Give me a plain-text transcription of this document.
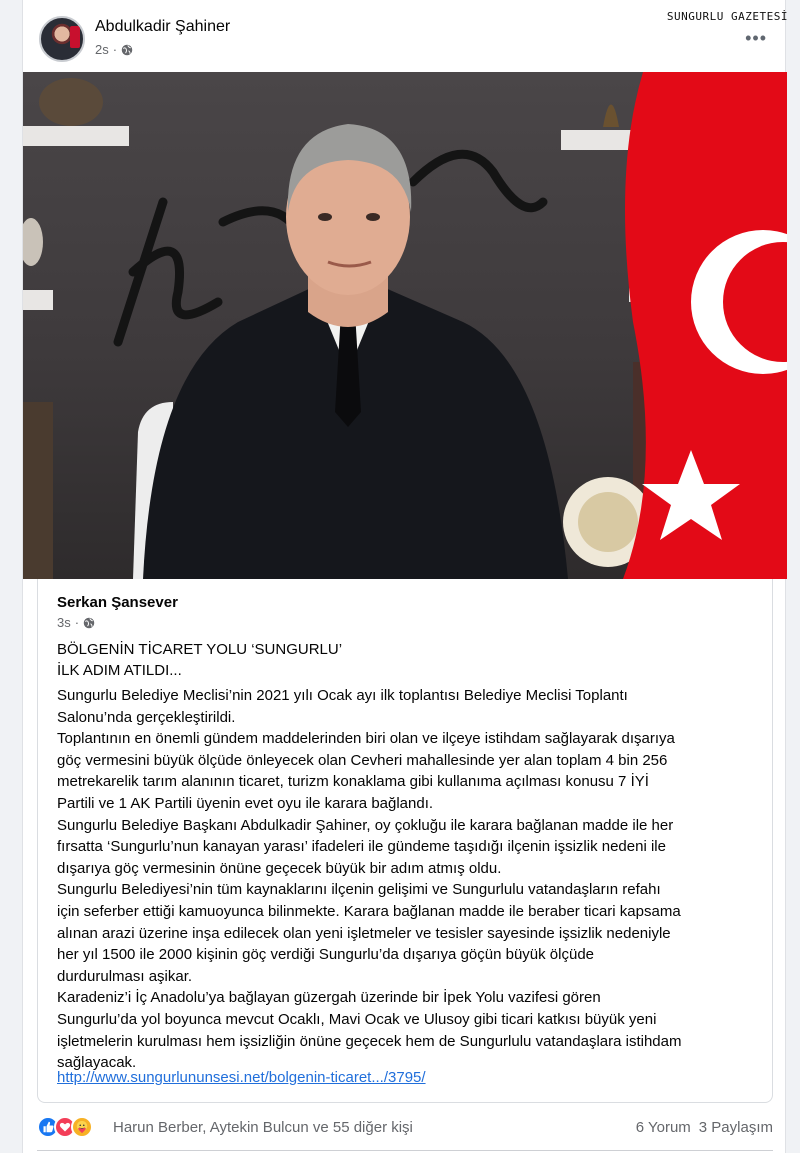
SUNGURLU GAZETESİ
Abdulkadir Şahiner
2s ·
•••
Serkan Şansever
3s ·
BÖLGENİN TİCARET YOLU ‘SUNGURLU’
İLK ADIM ATILDI...

Sungurlu Belediye Meclisi’nin 2021 yılı Ocak ayı ilk toplantısı Belediye Meclisi Toplantı
Salonu’nda gerçekleştirildi.

Toplantının en önemli gündem maddelerinden biri olan ve ilçeye istihdam sağlayarak dışarıya
göç vermesini büyük ölçüde önleyecek olan Cevheri mahallesinde yer alan toplam 4 bin 256
metrekarelik tarım alanının ticaret, turizm konaklama gibi kullanıma açılması konusu 7 İYİ
Partili ve 1 AK Partili üyenin evet oyu ile karara bağlandı.

Sungurlu Belediye Başkanı Abdulkadir Şahiner, oy çokluğu ile karara bağlanan madde ile her
fırsatta ‘Sungurlu’nun kanayan yarası’ ifadeleri ile gündeme taşıdığı ilçenin işsizlik nedeni ile
dışarıya göç vermesinin önüne geçecek büyük bir adım atmış oldu.

Sungurlu Belediyesi’nin tüm kaynaklarını ilçenin gelişimi ve Sungurlulu vatandaşların refahı
için seferber ettiği kamuoyunca bilinmekte. Karara bağlanan madde ile beraber ticari kapsama
alınan arazi üzerine inşa edilecek olan yeni işletmeler ve tesisler sayesinde işsizlik nedeniyle
her yıl 1500 ile 2000 kişinin göç verdiği Sungurlu’da dışarıya göçün büyük ölçüde
durdurulması aşikar.

Karadeniz’i İç Anadolu’ya bağlayan güzergah üzerinde bir İpek Yolu vazifesi gören
Sungurlu’da yol boyunca mevcut Ocaklı, Mavi Ocak ve Ulusoy gibi ticari katkısı büyük yeni
işletmelerin kurulması hem işsizliğin önüne geçecek hem de Sungurlulu vatandaşlara istihdam
sağlayacak.

http://www.sungurlununsesi.net/bolgenin-ticaret.../3795/
Harun Berber, Aytekin Bulcun ve 55 diğer kişi	6 Yorum 3 Paylaşım
